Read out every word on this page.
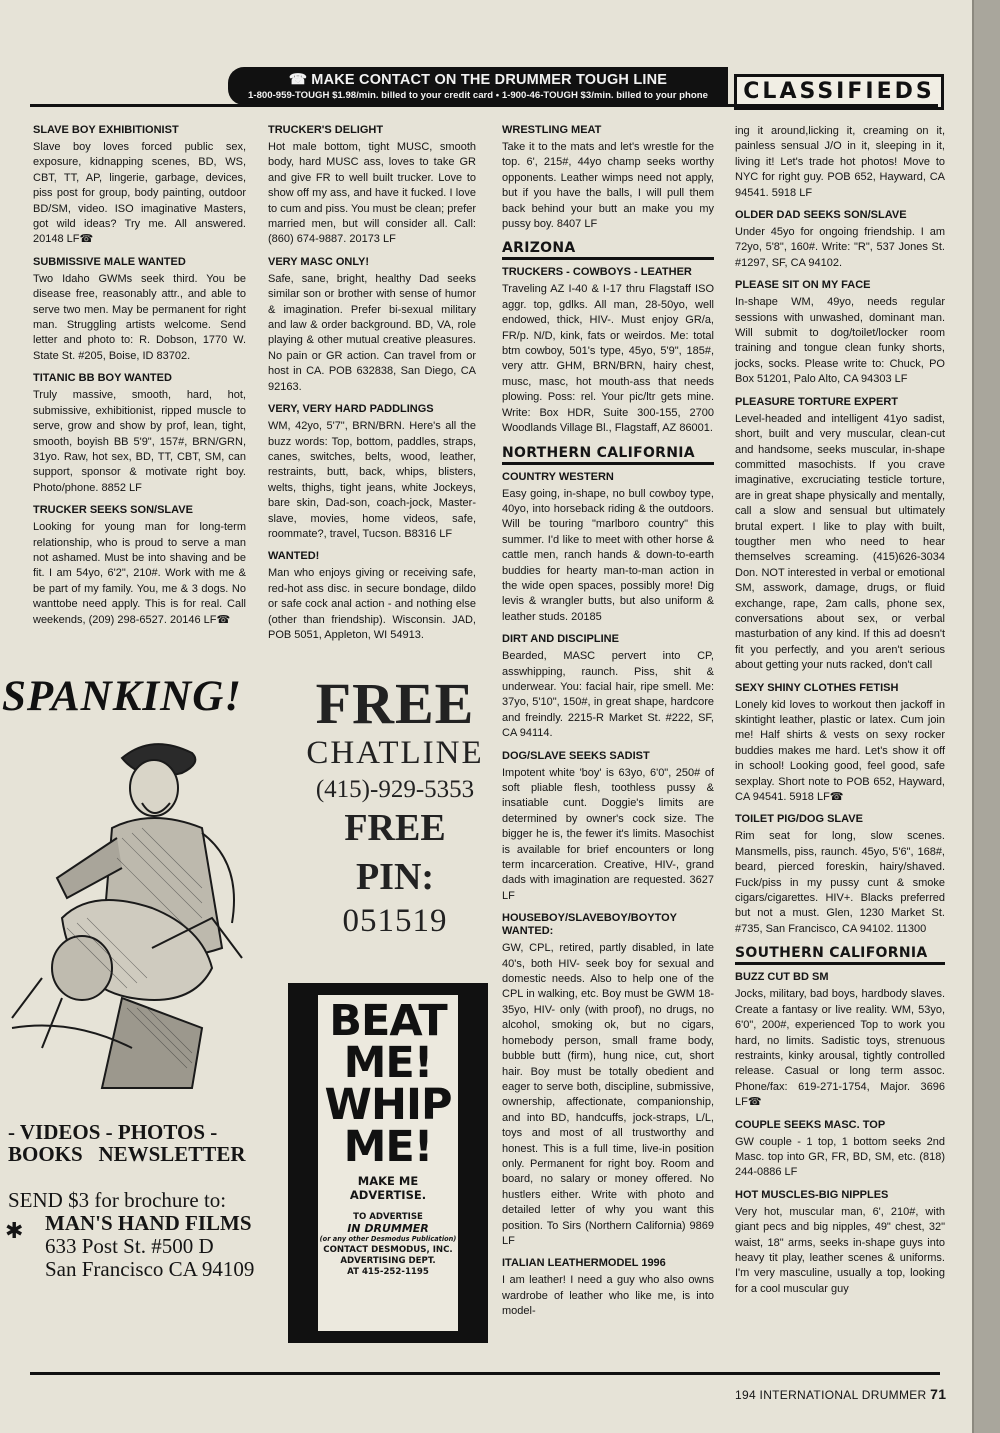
☎ MAKE CONTACT ON THE DRUMMER TOUGH LINE
1-800-959-TOUGH $1.98/min. billed to your credit card • 1-900-46-TOUGH $3/min. billed to your phone	CLASSIFIEDS
SLAVE BOY EXHIBITIONIST
Slave boy loves forced public sex, exposure, kidnapping scenes, BD, WS, CBT, TT, AP, lingerie, garbage, devices, piss post for group, body painting, outdoor BD/SM, video. ISO imaginative Masters, got wild ideas? Try me. All answered. 20148 LF☎
SUBMISSIVE MALE WANTED
Two Idaho GWMs seek third. You be disease free, reasonably attr., and able to serve two men. May be permanent for right man. Struggling artists welcome. Send letter and photo to: R. Dobson, 1770 W. State St. #205, Boise, ID 83702.
TITANIC BB BOY WANTED
Truly massive, smooth, hard, hot, submissive, exhibitionist, ripped muscle to serve, grow and show by prof, lean, tight, smooth, boyish BB 5'9", 157#, BRN/GRN, 31yo. Raw, hot sex, BD, TT, CBT, SM, can support, sponsor & motivate right boy. Photo/phone. 8852 LF
TRUCKER SEEKS SON/SLAVE
Looking for young man for long-term relationship, who is proud to serve a man not ashamed. Must be into shaving and be fit. I am 54yo, 6'2", 210#. Work with me & be part of my family. You, me & 3 dogs. No wanttobe need apply. This is for real. Call weekends, (209) 298-6527. 20146 LF☎
TRUCKER'S DELIGHT
Hot male bottom, tight MUSC, smooth body, hard MUSC ass, loves to take GR and give FR to well built trucker. Love to show off my ass, and have it fucked. I love to cum and piss. You must be clean; prefer married men, but will consider all. Call: (860) 674-9887. 20173 LF
VERY MASC ONLY!
Safe, sane, bright, healthy Dad seeks similar son or brother with sense of humor & imagination. Prefer bi-sexual military and law & order background. BD, VA, role playing & other mutual creative pleasures. No pain or GR action. Can travel from or host in CA. POB 632838, San Diego, CA 92163.
VERY, VERY HARD PADDLINGS
WM, 42yo, 5'7", BRN/BRN. Here's all the buzz words: Top, bottom, paddles, straps, canes, switches, belts, wood, leather, restraints, butt, back, whips, blisters, welts, thighs, tight jeans, white Jockeys, bare skin, Dad-son, coach-jock, Master-slave, movies, home videos, safe, roommate?, travel, Tucson. B8316 LF
WANTED!
Man who enjoys giving or receiving safe, red-hot ass disc. in secure bondage, dildo or safe cock anal action - and nothing else (other than friendship). Wisconsin. JAD, POB 5051, Appleton, WI 54913.
WRESTLING MEAT
Take it to the mats and let's wrestle for the top. 6', 215#, 44yo champ seeks worthy opponents. Leather wimps need not apply, but if you have the balls, I will pull them back behind your butt an make you my pussy boy. 8407 LF
ARIZONA
TRUCKERS - COWBOYS - LEATHER
Traveling AZ I-40 & I-17 thru Flagstaff ISO aggr. top, gdlks. All man, 28-50yo, well endowed, thick, HIV-. Must enjoy GR/a, FR/p. N/D, kink, fats or weirdos. Me: total btm cowboy, 501's type, 45yo, 5'9", 185#, very attr. GHM, BRN/BRN, hairy chest, musc, masc, hot mouth-ass that needs plowing. Poss: rel. Your pic/ltr gets mine. Write: Box HDR, Suite 300-155, 2700 Woodlands Village Bl., Flagstaff, AZ 86001.
NORTHERN CALIFORNIA
COUNTRY WESTERN
Easy going, in-shape, no bull cowboy type, 40yo, into horseback riding & the outdoors. Will be touring "marlboro country" this summer. I'd like to meet with other horse & cattle men, ranch hands & down-to-earth buddies for hearty man-to-man action in the wide open spaces, possibly more! Dig levis & wrangler butts, but also uniform & leather studs. 20185
DIRT AND DISCIPLINE
Bearded, MASC pervert into CP, asswhipping, raunch. Piss, shit & underwear. You: facial hair, ripe smell. Me: 37yo, 5'10", 150#, in great shape, hardcore and freindly. 2215-R Market St. #222, SF, CA 94114.
DOG/SLAVE SEEKS SADIST
Impotent white 'boy' is 63yo, 6'0", 250# of soft pliable flesh, toothless pussy & insatiable cunt. Doggie's limits are determined by owner's cock size. The bigger he is, the fewer it's limits. Masochist is available for brief encounters or long term incarceration. Creative, HIV-, grand dads with imagination are requested. 3627 LF
HOUSEBOY/SLAVEBOY/BOYTOY WANTED:
GW, CPL, retired, partly disabled, in late 40's, both HIV- seek boy for sexual and domestic needs. Also to help one of the CPL in walking, etc. Boy must be GWM 18-35yo, HIV- only (with proof), no drugs, no alcohol, smoking ok, but no cigars, homebody person, small frame body, bubble butt (firm), hung nice, cut, short hair. Boy must be totally obedient and eager to serve both, discipline, submissive, ownership, affectionate, companionship, and into BD, handcuffs, jock-straps, L/L, toys and most of all trustworthy and honest. This is a full time, live-in position only. Permanent for right boy. Room and board, no salary or money offered. No hustlers either. Write with photo and detailed letter of why you want this position. To Sirs (Northern California) 9869 LF
ITALIAN LEATHERMODEL 1996
I am leather! I need a guy who also owns wardrobe of leather who like me, is into model-
ing it around,licking it, creaming on it, painless sensual J/O in it, sleeping in it, living it! Let's trade hot photos! Move to NYC for right guy. POB 652, Hayward, CA 94541. 5918 LF
OLDER DAD SEEKS SON/SLAVE
Under 45yo for ongoing friendship. I am 72yo, 5'8", 160#. Write: "R", 537 Jones St. #1297, SF, CA 94102.
PLEASE SIT ON MY FACE
In-shape WM, 49yo, needs regular sessions with unwashed, dominant man. Will submit to dog/toilet/locker room training and tongue clean funky shorts, jocks, socks. Please write to: Chuck, PO Box 51201, Palo Alto, CA 94303 LF
PLEASURE TORTURE EXPERT
Level-headed and intelligent 41yo sadist, short, built and very muscular, clean-cut and handsome, seeks muscular, in-shape committed masochists. If you crave imaginative, excruciating testicle torture, are in great shape physically and mentally, call a slow and sensual but ultimately brutal expert. I like to play with built, tougther men who need to hear themselves screaming. (415)626-3034 Don. NOT interested in verbal or emotional SM, asswork, damage, drugs, or fluid exchange, rape, 2am calls, phone sex, conversations about sex, or verbal masturbation of any kind. If this ad doesn't fit you perfectly, and you aren't serious about getting your nuts racked, don't call
SEXY SHINY CLOTHES FETISH
Lonely kid loves to workout then jackoff in skintight leather, plastic or latex. Cum join me! Half shirts & vests on sexy rocker buddies makes me hard. Let's show it off in school! Looking good, feel good, safe sexplay. Short note to POB 652, Hayward, CA 94541. 5918 LF☎
TOILET PIG/DOG SLAVE
Rim seat for long, slow scenes. Mansmells, piss, raunch. 45yo, 5'6", 168#, beard, pierced foreskin, hairy/shaved. Fuck/piss in my pussy cunt & smoke cigars/cigarettes. HIV+. Blacks preferred but not a must. Glen, 1230 Market St. #735, San Francisco, CA 94102. 11300
SOUTHERN CALIFORNIA
BUZZ CUT BD SM
Jocks, military, bad boys, hardbody slaves. Create a fantasy or live reality. WM, 53yo, 6'0", 200#, experienced Top to work you hard, no limits. Sadistic toys, strenuous restraints, kinky arousal, tightly controlled release. Casual or long term assoc. Phone/fax: 619-271-1754, Major. 3696 LF☎
COUPLE SEEKS MASC. TOP
GW couple - 1 top, 1 bottom seeks 2nd Masc. top into GR, FR, BD, SM, etc. (818) 244-0886 LF
HOT MUSCLES-BIG NIPPLES
Very hot, muscular man, 6', 210#, with giant pecs and big nipples, 49" chest, 32" waist, 18" arms, seeks in-shape guys into heavy tit play, leather scenes & uniforms. I'm very masculine, usually a top, looking for a cool muscular guy
SPANKING!
- VIDEOS - PHOTOS -
BOOKS   NEWSLETTER
✱
SEND $3 for brochure to:
MAN'S HAND FILMS
633 Post St. #500 D
San Francisco CA 94109
FREE
CHATLINE
(415)-929-5353
FREE
PIN:
051519
BEAT
ME!
WHIP
ME!
MAKE ME ADVERTISE.
TO ADVERTISE
IN DRUMMER
(or any other Desmodus Publication)
CONTACT DESMODUS, INC.
ADVERTISING DEPT.
AT 415-252-1195
194 INTERNATIONAL DRUMMER 71
